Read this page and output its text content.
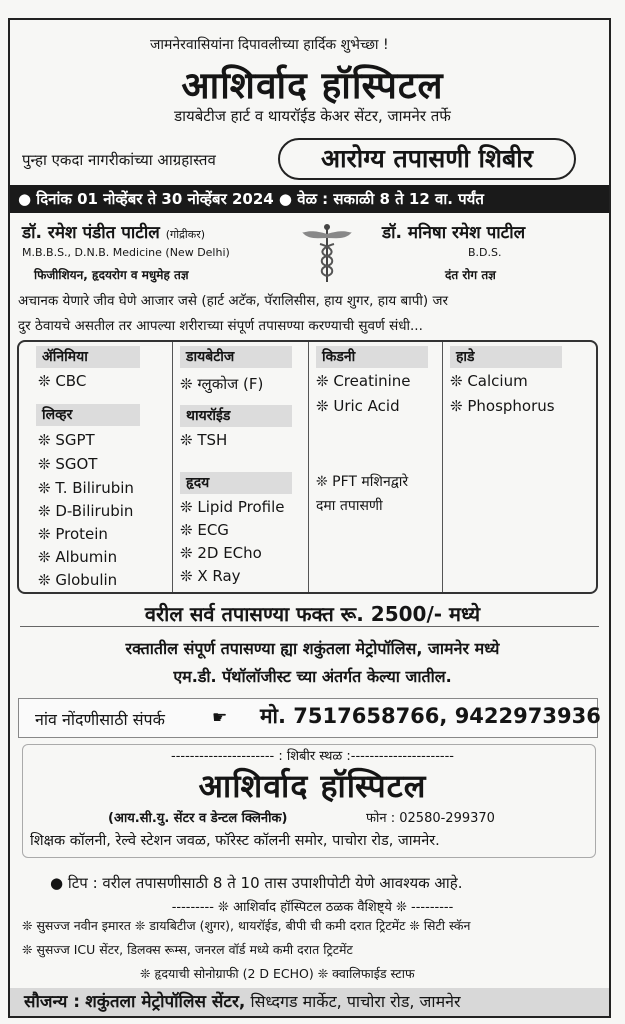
जामनेरवासियांना दिपावलीच्या हार्दिक शुभेच्छा !
आशिर्वाद हॉस्पिटल
डायबेटीज हार्ट व थायरॉईड केअर सेंटर, जामनेर तर्फे
पुन्हा एकदा नागरीकांच्या आग्रहास्तव	आरोग्य तपासणी शिबीर
● दिनांक 01 नोव्हेंबर ते 30 नोव्हेंबर 2024 ● वेळ : सकाळी 8 ते 12 वा. पर्यंत
डॉ. रमेश पंडीत पाटील (गोद्रीकर)
M.B.B.S., D.N.B. Medicine (New Delhi)
फिजीशियन, हृदयरोग व मधुमेह तज्ञ
डॉ. मनिषा रमेश पाटील
B.D.S.
दंत रोग तज्ञ
अचानक येणारे जीव घेणे आजार जसे (हार्ट अटॅक, पॅरालिसीस, हाय शुगर, हाय बापी) जर
दुर ठेवायचे असतील तर आपल्या शरीराच्या संपूर्ण तपासण्या करण्याची सुवर्ण संधी...
ॲनिमिया
❊ CBC
लिव्हर
❊ SGPT
❊ SGOT
❊ T. Bilirubin
❊ D-Bilirubin
❊ Protein
❊ Albumin
❊ Globulin
डायबेटीज
❊ ग्लुकोज (F)
थायरॉईड
❊ TSH
हृदय
❊ Lipid Profile
❊ ECG
❊ 2D ECho
❊ X Ray
किडनी
❊ Creatinine
❊ Uric Acid
❊ PFT मशिनद्वारे
दमा तपासणी
हाडे
❊ Calcium
❊ Phosphorus
वरील सर्व तपासण्या फक्त रू. 2500/- मध्ये
रक्तातील संपूर्ण तपासण्या ह्या शकुंतला मेट्रोपॉलिस, जामनेर मध्ये
एम.डी. पॅथॉलॉजीस्ट च्या अंतर्गत केल्या जातील.
नांव नोंदणीसाठी संपर्क	☛ मो. 7517658766, 9422973936
---------------------- : शिबीर स्थळ :----------------------
आशिर्वाद हॉस्पिटल
(आय.सी.यु. सेंटर व डेन्टल क्लिनीक)	फोन : 02580-299370
शिक्षक कॉलनी, रेल्वे स्टेशन जवळ, फॉरेस्ट कॉलनी समोर, पाचोरा रोड, जामनेर.
● टिप : वरील तपासणीसाठी 8 ते 10 तास उपाशीपोटी येणे आवश्यक आहे.
--------- ❊ आशिर्वाद हॉस्पिटल ठळक वैशिष्ट्ये ❊ ---------
❊ सुसज्ज नवीन इमारत ❊ डायबिटीज (शुगर), थायरॉईड, बीपी ची कमी दरात ट्रिटमेंट ❊ सिटी स्कॅन
❊ सुसज्ज ICU सेंटर, डिलक्स रूम्स, जनरल वॉर्ड मध्ये कमी दरात ट्रिटमेंट
❊ हृदयाची सोनोग्राफी (2 D ECHO) ❊ क्वालिफाईड स्टाफ
सौजन्य : शकुंतला मेट्रोपॉलिस सेंटर, सिध्दगड मार्केट, पाचोरा रोड, जामनेर
